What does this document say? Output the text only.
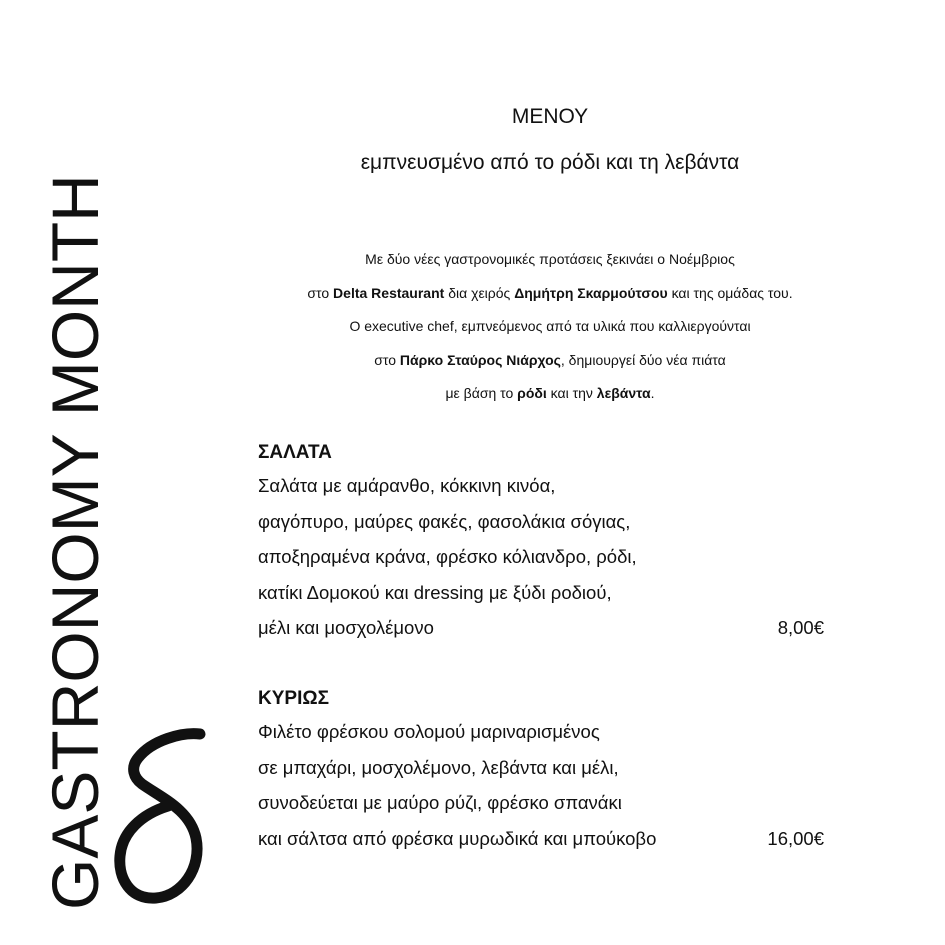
GASTRONOMY MONTH
ΜΕΝΟΥ
εμπνευσμένο από το ρόδι και τη λεβάντα

Με δύο νέες γαστρονομικές προτάσεις ξεκινάει ο Νοέμβριος

στο Delta Restaurant δια χειρός Δημήτρη Σκαρμούτσου και της ομάδας του.

Ο executive chef, εμπνεόμενος από τα υλικά που καλλιεργούνται

στο Πάρκο Σταύρος Νιάρχος, δημιουργεί δύο νέα πιάτα

με βάση το ρόδι και την λεβάντα.

ΣΑΛΑΤΑ
Σαλάτα με αμάρανθο, κόκκινη κινόα,
φαγόπυρο, μαύρες φακές, φασολάκια σόγιας,
αποξηραμένα κράνα, φρέσκο κόλιανδρο, ρόδι,
κατίκι Δομοκού και dressing με ξύδι ροδιού,
μέλι και μοσχολέμονο	8,00€
ΚΥΡΙΩΣ
Φιλέτο φρέσκου σολομού μαριναρισμένος
σε μπαχάρι, μοσχολέμονο, λεβάντα και μέλι,
συνοδεύεται με μαύρο ρύζι, φρέσκο σπανάκι
και σάλτσα από φρέσκα μυρωδικά και μπούκοβο	16,00€
